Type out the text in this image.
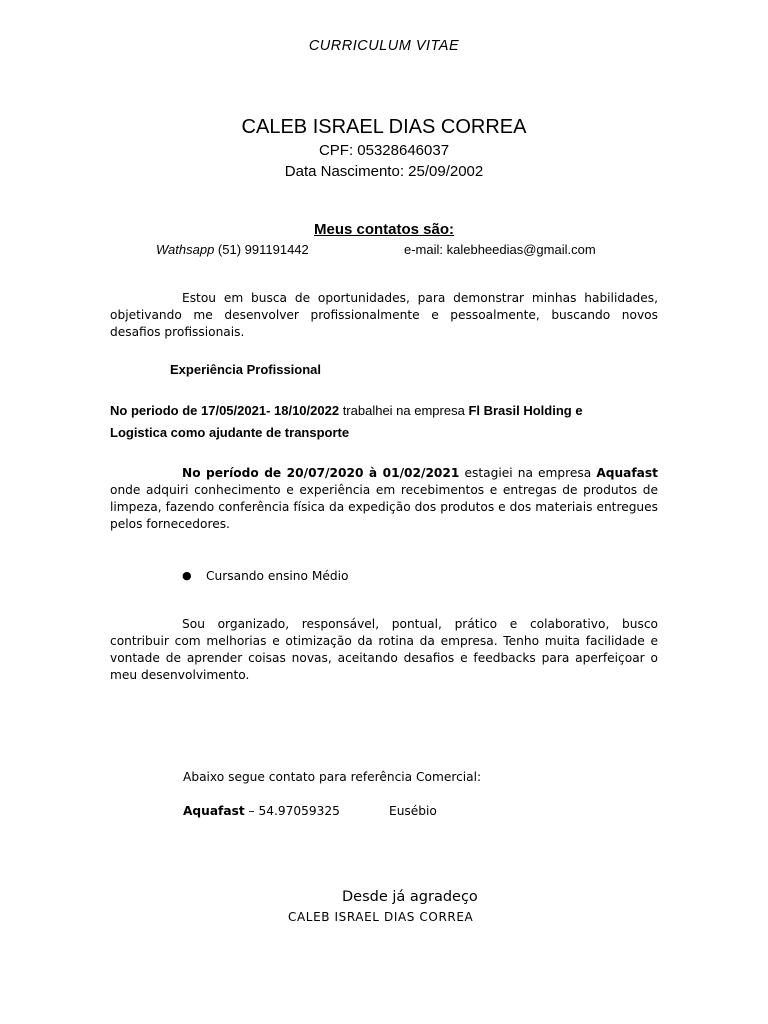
CURRICULUM VITAE
CALEB ISRAEL DIAS CORREA
CPF: 05328646037
Data Nascimento: 25/09/2002
Meus contatos são:
Wathsapp (51) 991191442	e-mail: kalebheedias@gmail.com
Estou em busca de oportunidades, para demonstrar minhas habilidades, objetivando me desenvolver profissionalmente e pessoalmente, buscando novos desafios profissionais.
Experiência Profissional
No periodo de 17/05/2021- 18/10/2022 trabalhei na empresa Fl Brasil Holding e
Logistica como ajudante de transporte
No período de 20/07/2020 à 01/02/2021 estagiei na empresa Aquafast onde adquiri conhecimento e experiência em recebimentos e entregas de produtos de limpeza, fazendo conferência física da expedição dos produtos e dos materiais entregues pelos fornecedores.
● Cursando ensino Médio
Sou organizado, responsável, pontual, prático e colaborativo, busco contribuir com melhorias e otimização da rotina da empresa. Tenho muita facilidade e vontade de aprender coisas novas, aceitando desafios e feedbacks para aperfeiçoar o meu desenvolvimento.
Abaixo segue contato para referência Comercial:
Aquafast – 54.97059325	Eusébio
Desde já agradeço
CALEB ISRAEL DIAS CORREA
